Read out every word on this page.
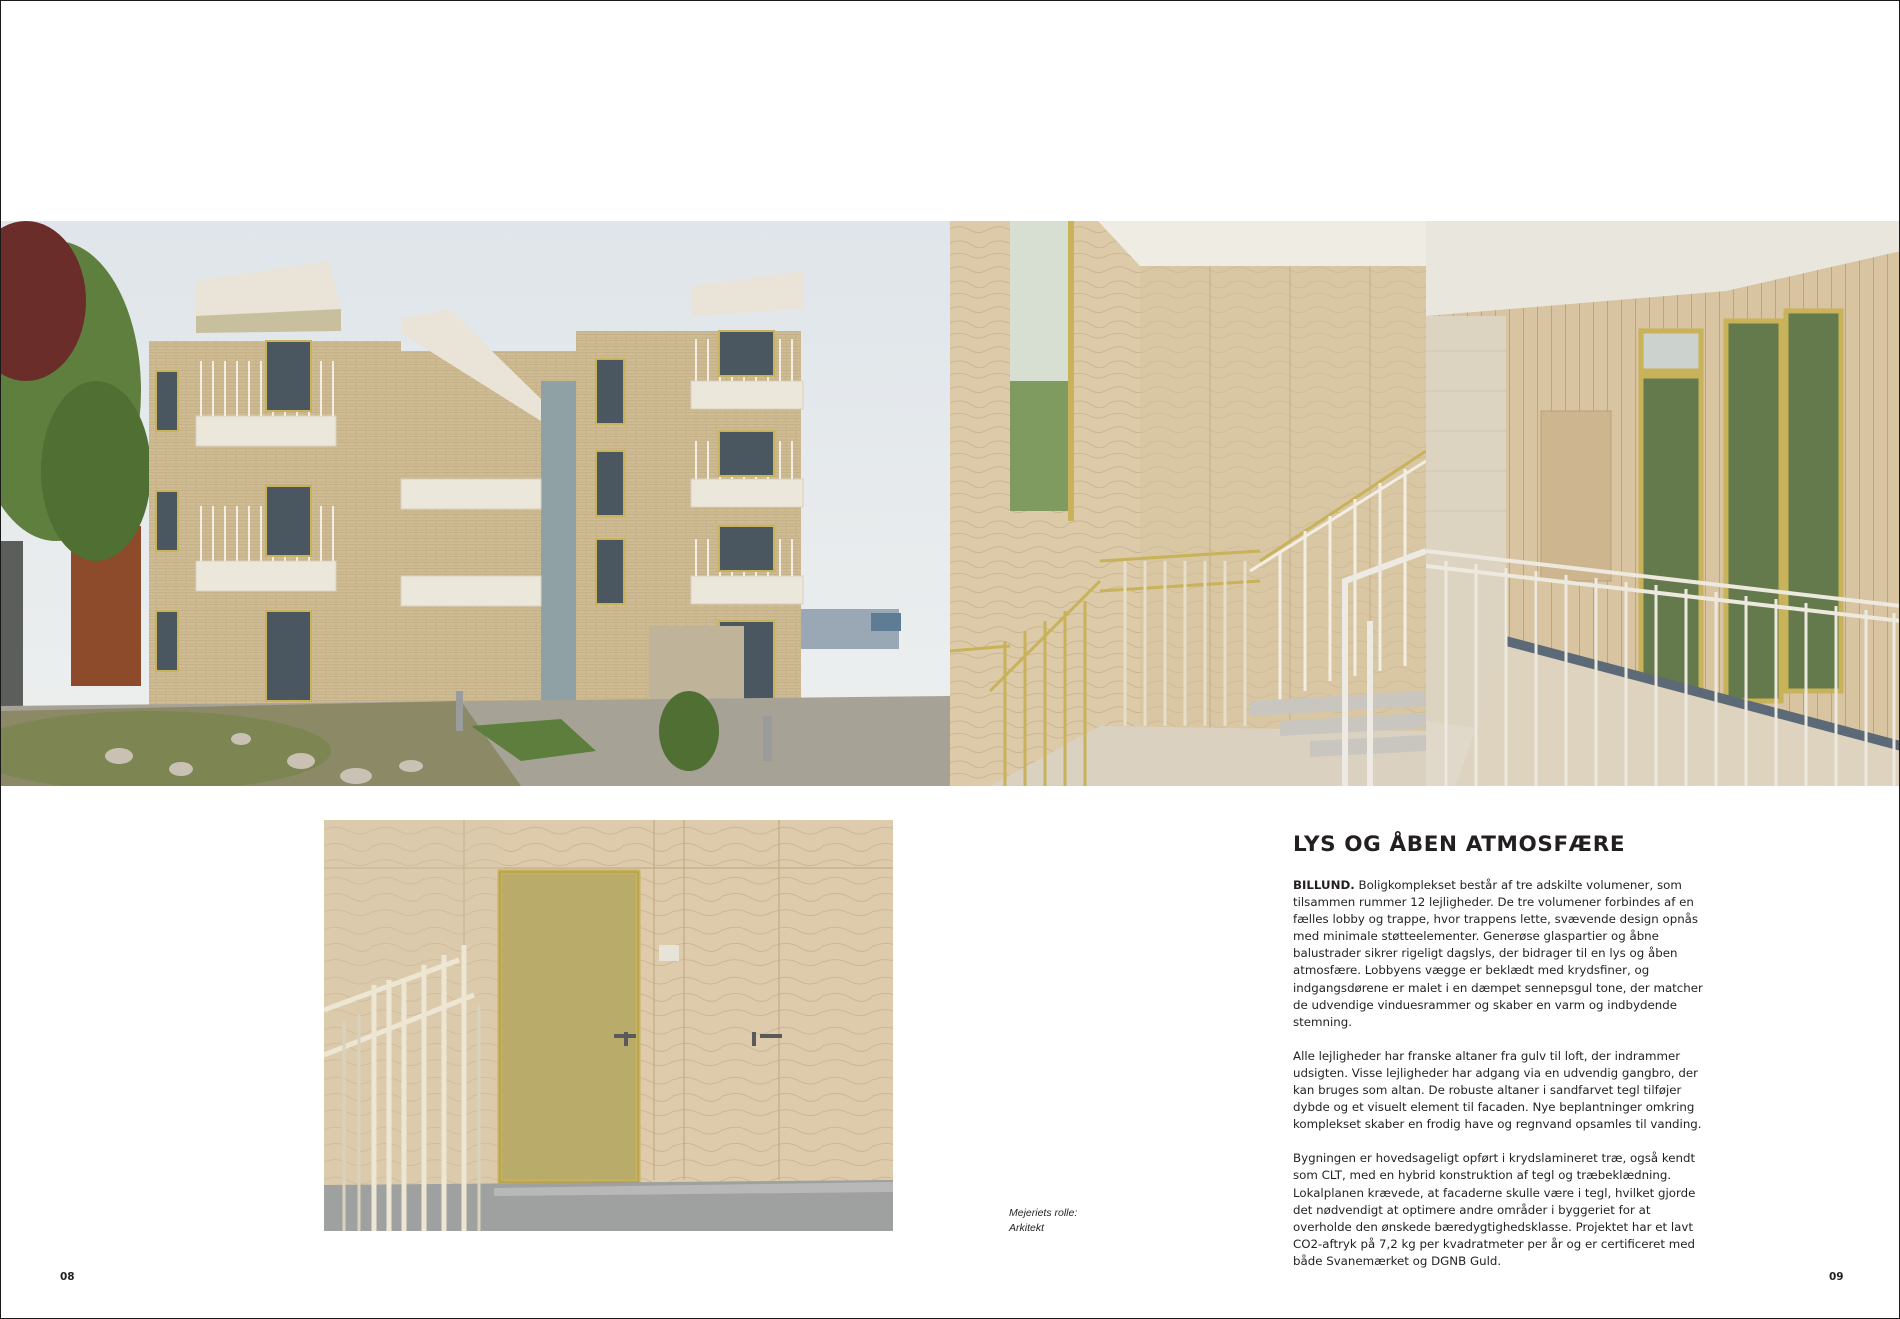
Mejeriets rolle:
Arkitekt
LYS OG ÅBEN ATMOSFÆRE

BILLUND. Boligkomplekset består af tre adskilte volumener, som tilsammen rummer 12 lejligheder. De tre volumener forbindes af en fælles lobby og trappe, hvor trappens lette, svævende design opnås med minimale støtteelementer. Generøse glaspartier og åbne balustrader sikrer rigeligt dagslys, der bidrager til en lys og åben atmosfære. Lobbyens vægge er beklædt med krydsfiner, og indgangsdørene er malet i en dæmpet sennepsgul tone, der matcher de udvendige vinduesrammer og skaber en varm og indbydende stemning.

Alle lejligheder har franske altaner fra gulv til loft, der indrammer udsigten. Visse lejligheder har adgang via en udvendig gangbro, der kan bruges som altan. De robuste altaner i sandfarvet tegl tilføjer dybde og et visuelt element til facaden. Nye beplantninger omkring komplekset skaber en frodig have og regnvand opsamles til vanding.

Bygningen er hovedsageligt opført i krydslamineret træ, også kendt som CLT, med en hybrid konstruktion af tegl og træbeklædning. Lokalplanen krævede, at facaderne skulle være i tegl, hvilket gjorde det nødvendigt at optimere andre områder i byggeriet for at overholde den ønskede bæredygtighedsklasse. Projektet har et lavt CO2-aftryk på 7,2 kg per kvadratmeter per år og er certificeret med både Svanemærket og DGNB Guld.

08	09
